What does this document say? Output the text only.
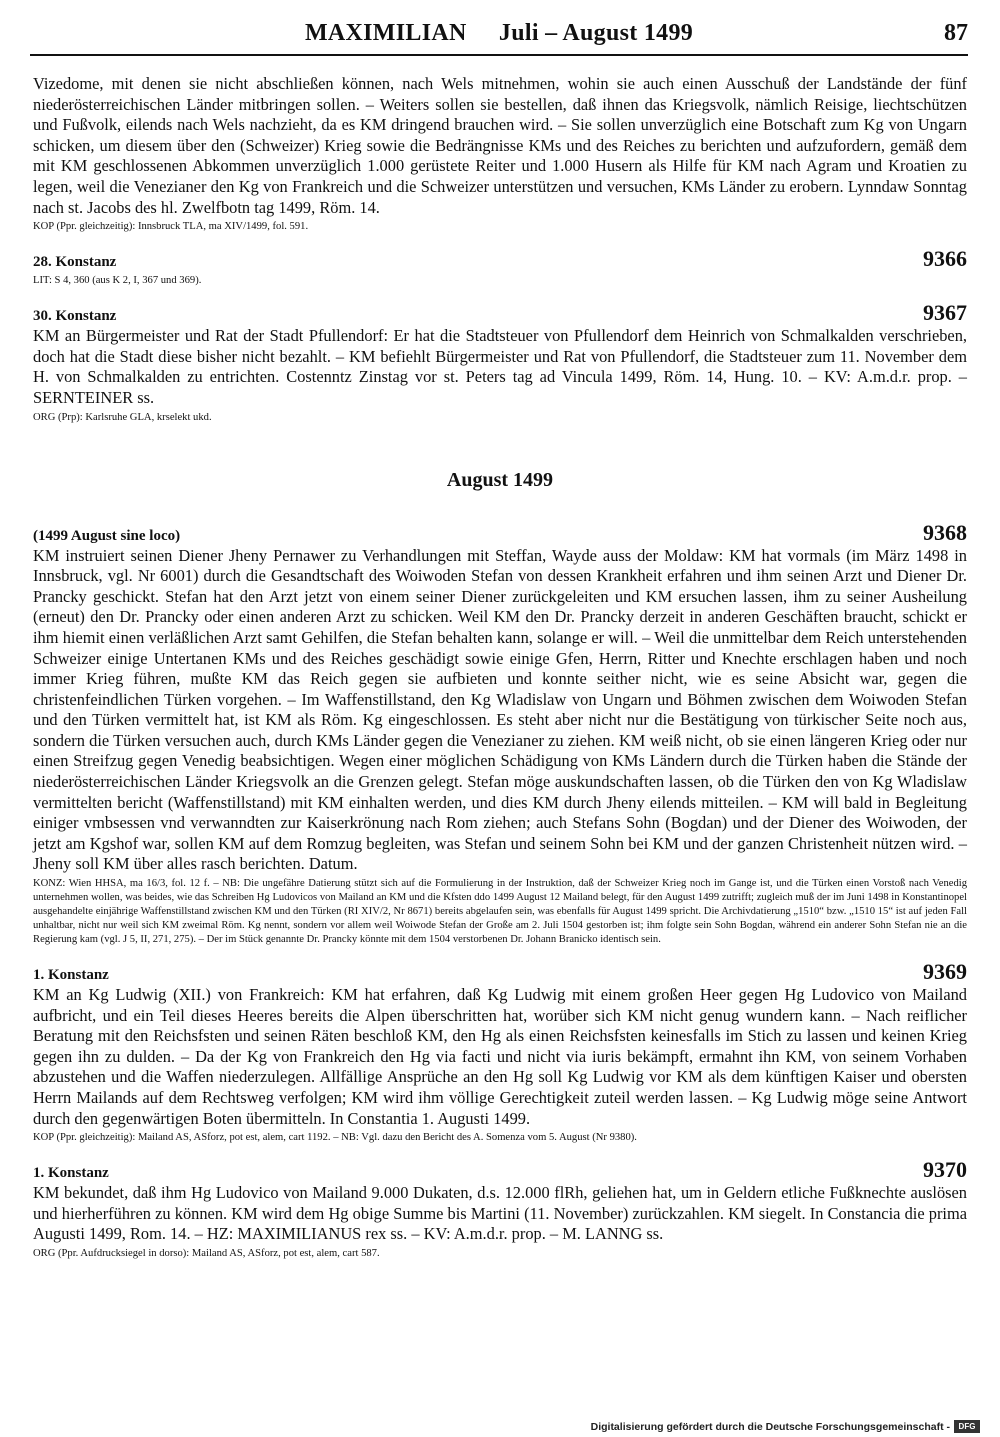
MAXIMILIAN Juli – August 1499	87

Vizedome, mit denen sie nicht abschließen können, nach Wels mitnehmen, wohin sie auch einen Ausschuß der Landstände der fünf niederösterreichischen Länder mitbringen sollen. – Weiters sollen sie bestellen, daß ihnen das Kriegsvolk, nämlich Reisige, liechtschützen und Fußvolk, eilends nach Wels nachzieht, da es KM dringend brauchen wird. – Sie sollen unverzüglich eine Botschaft zum Kg von Ungarn schicken, um diesem über den (Schweizer) Krieg sowie die Bedrängnisse KMs und des Reiches zu berichten und aufzufordern, gemäß dem mit KM geschlossenen Abkommen unverzüglich 1.000 gerüstete Reiter und 1.000 Husern als Hilfe für KM nach Agram und Kroatien zu legen, weil die Venezianer den Kg von Frankreich und die Schweizer unterstützen und versuchen, KMs Länder zu erobern. Lynndaw Sonntag nach st. Jacobs des hl. Zwelfbotn tag 1499, Röm. 14.

KOP (Ppr. gleichzeitig): Innsbruck TLA, ma XIV/1499, fol. 591.

28. Konstanz	9366

LIT: S 4, 360 (aus K 2, I, 367 und 369).

30. Konstanz	9367

KM an Bürgermeister und Rat der Stadt Pfullendorf: Er hat die Stadtsteuer von Pfullendorf dem Heinrich von Schmalkalden verschrieben, doch hat die Stadt diese bisher nicht bezahlt. – KM befiehlt Bürgermeister und Rat von Pfullendorf, die Stadtsteuer zum 11. November dem H. von Schmalkalden zu entrichten. Costenntz Zinstag vor st. Peters tag ad Vincula 1499, Röm. 14, Hung. 10. – KV: A.m.d.r. prop. – SERNTEINER ss.

ORG (Prp): Karlsruhe GLA, krselekt ukd.

August 1499
(1499 August sine loco)	9368

KM instruiert seinen Diener Jheny Pernawer zu Verhandlungen mit Steffan, Wayde auss der Moldaw: KM hat vormals (im März 1498 in Innsbruck, vgl. Nr 6001) durch die Gesandtschaft des Woiwoden Stefan von dessen Krankheit erfahren und ihm seinen Arzt und Diener Dr. Prancky geschickt. Stefan hat den Arzt jetzt von einem seiner Diener zurückgeleiten und KM ersuchen lassen, ihm zu seiner Ausheilung (erneut) den Dr. Prancky oder einen anderen Arzt zu schicken. Weil KM den Dr. Prancky derzeit in anderen Geschäften braucht, schickt er ihm hiemit einen verläßlichen Arzt samt Gehilfen, die Stefan behalten kann, solange er will. – Weil die unmittelbar dem Reich unterstehenden Schweizer einige Untertanen KMs und des Reiches geschädigt sowie einige Gfen, Herrn, Ritter und Knechte erschlagen haben und noch immer Krieg führen, mußte KM das Reich gegen sie aufbieten und konnte seither nicht, wie es seine Absicht war, gegen die christenfeindlichen Türken vorgehen. – Im Waffenstillstand, den Kg Wladislaw von Ungarn und Böhmen zwischen dem Woiwoden Stefan und den Türken vermittelt hat, ist KM als Röm. Kg eingeschlossen. Es steht aber nicht nur die Bestätigung von türkischer Seite noch aus, sondern die Türken versuchen auch, durch KMs Länder gegen die Venezianer zu ziehen. KM weiß nicht, ob sie einen längeren Krieg oder nur einen Streifzug gegen Venedig beabsichtigen. Wegen einer möglichen Schädigung von KMs Ländern durch die Türken haben die Stände der niederösterreichischen Länder Kriegsvolk an die Grenzen gelegt. Stefan möge auskundschaften lassen, ob die Türken den von Kg Wladislaw vermittelten bericht (Waffenstillstand) mit KM einhalten werden, und dies KM durch Jheny eilends mitteilen. – KM will bald in Begleitung einiger vmbsessen vnd verwanndten zur Kaiserkrönung nach Rom ziehen; auch Stefans Sohn (Bogdan) und der Diener des Woiwoden, der jetzt am Kgshof war, sollen KM auf dem Romzug begleiten, was Stefan und seinem Sohn bei KM und der ganzen Christenheit nützen wird. – Jheny soll KM über alles rasch berichten. Datum.

KONZ: Wien HHSA, ma 16/3, fol. 12 f. – NB: Die ungefähre Datierung stützt sich auf die Formulierung in der Instruktion, daß der Schweizer Krieg noch im Gange ist, und die Türken einen Vorstoß nach Venedig unternehmen wollen, was beides, wie das Schreiben Hg Ludovicos von Mailand an KM und die Kfsten ddo 1499 August 12 Mailand belegt, für den August 1499 zutrifft; zugleich muß der im Juni 1498 in Konstantinopel ausgehandelte einjährige Waffenstillstand zwischen KM und den Türken (RI XIV/2, Nr 8671) bereits abgelaufen sein, was ebenfalls für August 1499 spricht. Die Archivdatierung „1510“ bzw. „1510 15“ ist auf jeden Fall unhaltbar, nicht nur weil sich KM zweimal Röm. Kg nennt, sondern vor allem weil Woiwode Stefan der Große am 2. Juli 1504 gestorben ist; ihm folgte sein Sohn Bogdan, während ein anderer Sohn Stefan nie an die Regierung kam (vgl. J 5, II, 271, 275). – Der im Stück genannte Dr. Prancky könnte mit dem 1504 verstorbenen Dr. Johann Branicko identisch sein.

1. Konstanz	9369

KM an Kg Ludwig (XII.) von Frankreich: KM hat erfahren, daß Kg Ludwig mit einem großen Heer gegen Hg Ludovico von Mailand aufbricht, und ein Teil dieses Heeres bereits die Alpen überschritten hat, worüber sich KM nicht genug wundern kann. – Nach reiflicher Beratung mit den Reichsfsten und seinen Räten beschloß KM, den Hg als einen Reichsfsten keinesfalls im Stich zu lassen und keinen Krieg gegen ihn zu dulden. – Da der Kg von Frankreich den Hg via facti und nicht via iuris bekämpft, ermahnt ihn KM, von seinem Vorhaben abzustehen und die Waffen niederzulegen. Allfällige Ansprüche an den Hg soll Kg Ludwig vor KM als dem künftigen Kaiser und obersten Herrn Mailands auf dem Rechtsweg verfolgen; KM wird ihm völlige Gerechtigkeit zuteil werden lassen. – Kg Ludwig möge seine Antwort durch den gegenwärtigen Boten übermitteln. In Constantia 1. Augusti 1499.

KOP (Ppr. gleichzeitig): Mailand AS, ASforz, pot est, alem, cart 1192. – NB: Vgl. dazu den Bericht des A. Somenza vom 5. August (Nr 9380).

1. Konstanz	9370

KM bekundet, daß ihm Hg Ludovico von Mailand 9.000 Dukaten, d.s. 12.000 flRh, geliehen hat, um in Geldern etliche Fußknechte auslösen und hierherführen zu können. KM wird dem Hg obige Summe bis Martini (11. November) zurückzahlen. KM siegelt. In Constancia die prima Augusti 1499, Rom. 14. – HZ: MAXIMILIANUS rex ss. – KV: A.m.d.r. prop. – M. LANNG ss.

ORG (Ppr. Aufdrucksiegel in dorso): Mailand AS, ASforz, pot est, alem, cart 587.

Digitalisierung gefördert durch die Deutsche Forschungsgemeinschaft -	DFG
